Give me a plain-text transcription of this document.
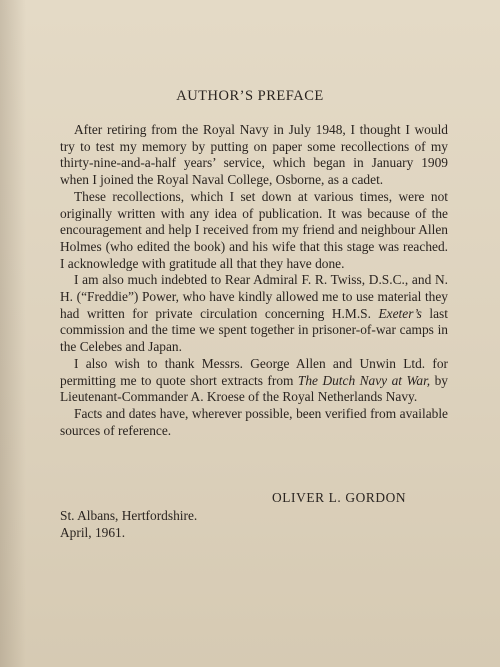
AUTHOR’S PREFACE

After retiring from the Royal Navy in July 1948, I thought I would try to test my memory by putting on paper some recollections of my thirty-nine-and-a-half years’ service, which began in January 1909 when I joined the Royal Naval College, Osborne, as a cadet.

These recollections, which I set down at various times, were not originally written with any idea of publication. It was because of the encouragement and help I received from my friend and neighbour Allen Holmes (who edited the book) and his wife that this stage was reached. I acknowledge with gratitude all that they have done.

I am also much indebted to Rear Admiral F. R. Twiss, D.S.C., and N. H. (“Freddie”) Power, who have kindly allowed me to use material they had written for private circulation concerning H.M.S. Exeter’s last commission and the time we spent together in prisoner-of-war camps in the Celebes and Japan.

I also wish to thank Messrs. George Allen and Unwin Ltd. for permitting me to quote short extracts from The Dutch Navy at War, by Lieutenant-Commander A. Kroese of the Royal Netherlands Navy.

Facts and dates have, wherever possible, been verified from available sources of reference.

OLIVER L. GORDON
St. Albans, Hertfordshire.
April, 1961.
